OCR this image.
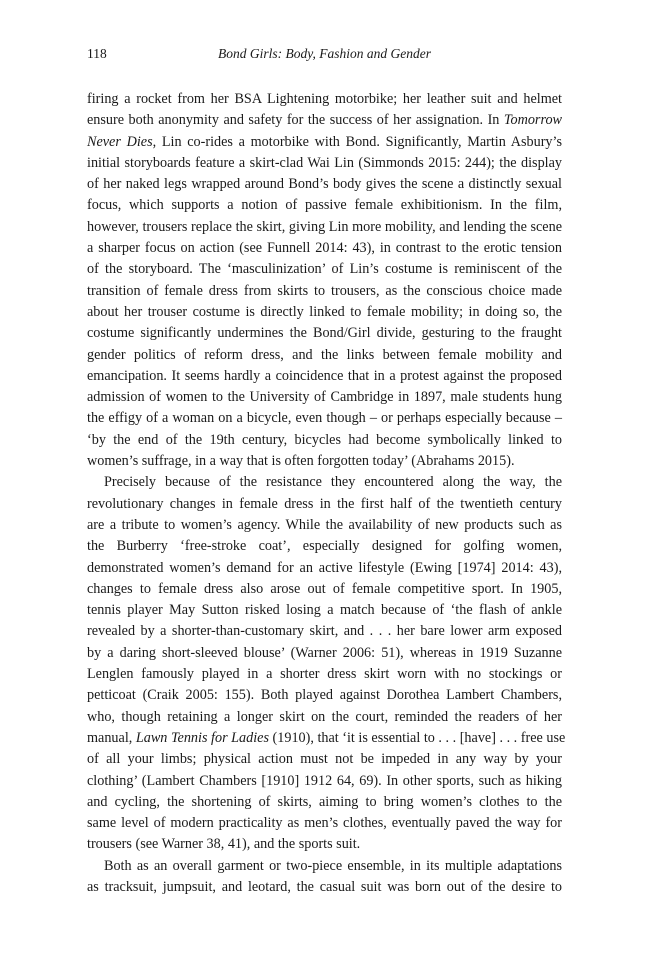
118	Bond Girls: Body, Fashion and Gender
firing a rocket from her BSA Lightening motorbike; her leather suit and helmet
ensure both anonymity and safety for the success of her assignation. In Tomorrow
Never Dies, Lin co-rides a motorbike with Bond. Significantly, Martin Asbury’s
initial storyboards feature a skirt-clad Wai Lin (Simmonds 2015: 244); the display
of her naked legs wrapped around Bond’s body gives the scene a distinctly sexual
focus, which supports a notion of passive female exhibitionism. In the film,
however, trousers replace the skirt, giving Lin more mobility, and lending the scene
a sharper focus on action (see Funnell 2014: 43), in contrast to the erotic tension
of the storyboard. The ‘masculinization’ of Lin’s costume is reminiscent of the
transition of female dress from skirts to trousers, as the conscious choice made
about her trouser costume is directly linked to female mobility; in doing so, the
costume significantly undermines the Bond/Girl divide, gesturing to the fraught
gender politics of reform dress, and the links between female mobility and
emancipation. It seems hardly a coincidence that in a protest against the proposed
admission of women to the University of Cambridge in 1897, male students hung
the effigy of a woman on a bicycle, even though – or perhaps especially because –
‘by the end of the 19th century, bicycles had become symbolically linked to
women’s suffrage, in a way that is often forgotten today’ (Abrahams 2015).
Precisely because of the resistance they encountered along the way, the
revolutionary changes in female dress in the first half of the twentieth century
are a tribute to women’s agency. While the availability of new products such as
the Burberry ‘free-stroke coat’, especially designed for golfing women,
demonstrated women’s demand for an active lifestyle (Ewing [1974] 2014: 43),
changes to female dress also arose out of female competitive sport. In 1905,
tennis player May Sutton risked losing a match because of ‘the flash of ankle
revealed by a shorter-than-customary skirt, and . . . her bare lower arm exposed
by a daring short-sleeved blouse’ (Warner 2006: 51), whereas in 1919 Suzanne
Lenglen famously played in a shorter dress skirt worn with no stockings or
petticoat (Craik 2005: 155). Both played against Dorothea Lambert Chambers,
who, though retaining a longer skirt on the court, reminded the readers of her
manual, Lawn Tennis for Ladies (1910), that ‘it is essential to . . . [have] . . . free use
of all your limbs; physical action must not be impeded in any way by your
clothing’ (Lambert Chambers [1910] 1912 64, 69). In other sports, such as hiking
and cycling, the shortening of skirts, aiming to bring women’s clothes to the
same level of modern practicality as men’s clothes, eventually paved the way for
trousers (see Warner 38, 41), and the sports suit.
Both as an overall garment or two-piece ensemble, in its multiple adaptations
as tracksuit, jumpsuit, and leotard, the casual suit was born out of the desire to
